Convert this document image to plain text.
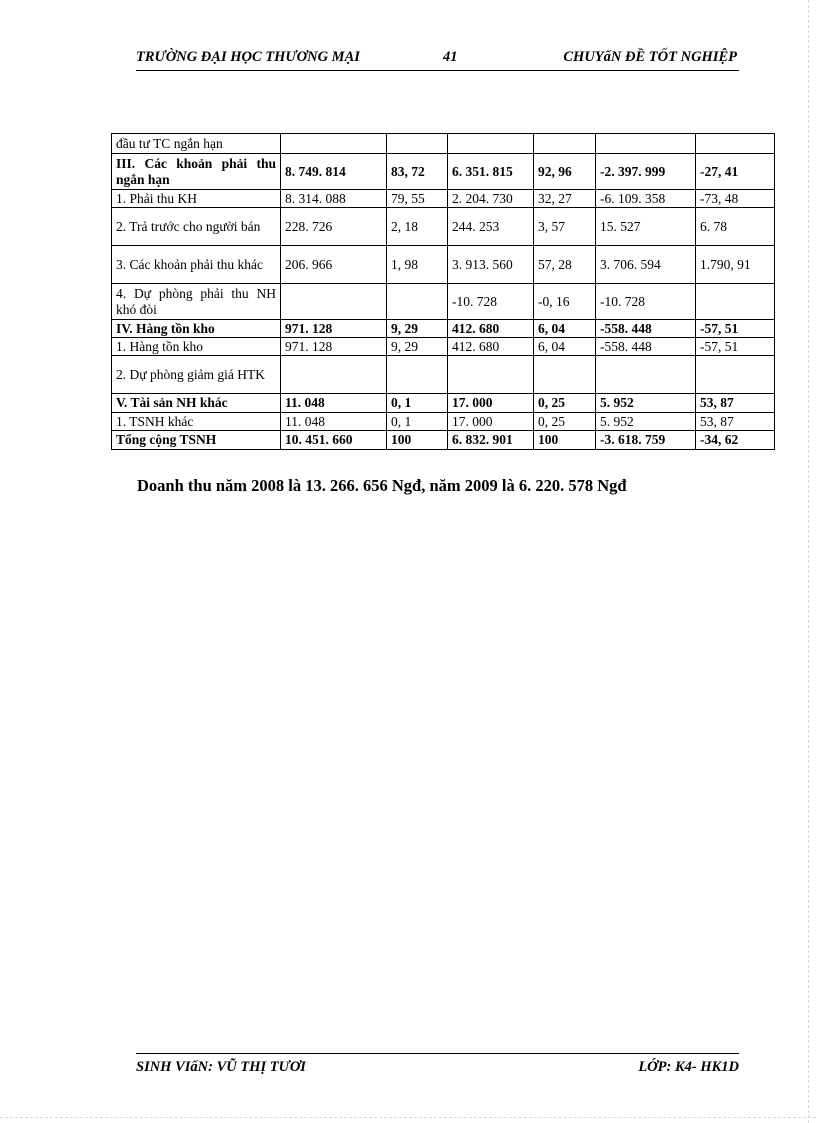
TRƯỜNG ĐẠI HỌC THƯƠNG MẠI	41	CHUYấN ĐỀ TỐT NGHIỆP
đầu tư TC ngắn hạn						
III. Các khoản phải thu ngắn hạn	8. 749. 814	83, 72	6. 351. 815	92, 96	-2. 397. 999	-27, 41
1. Phải thu KH	8. 314. 088	79, 55	2. 204. 730	32, 27	-6. 109. 358	-73, 48
2. Trả trước cho người bán	228. 726	2, 18	244. 253	3, 57	15. 527	6. 78
3. Các khoản phải thu khác	206. 966	1, 98	3. 913. 560	57, 28	3. 706. 594	1.790, 91
4. Dự phòng phải thu NH khó đòi			-10. 728	-0, 16	-10. 728	
IV. Hàng tồn kho	971. 128	9, 29	412. 680	6, 04	-558. 448	-57, 51
1. Hàng tồn kho	971. 128	9, 29	412. 680	6, 04	-558. 448	-57, 51
2. Dự phòng giảm giá HTK						
V. Tài sản NH khác	11. 048	0, 1	17. 000	0, 25	5. 952	53, 87
1. TSNH khác	11. 048	0, 1	17. 000	0, 25	5. 952	53, 87
Tổng cộng TSNH	10. 451. 660	100	6. 832. 901	100	-3. 618. 759	-34, 62
Doanh thu năm 2008 là 13. 266. 656 Ngđ, năm 2009 là 6. 220. 578 Ngđ
SINH VIấN: VŨ THỊ TƯƠI	LỚP: K4- HK1D
